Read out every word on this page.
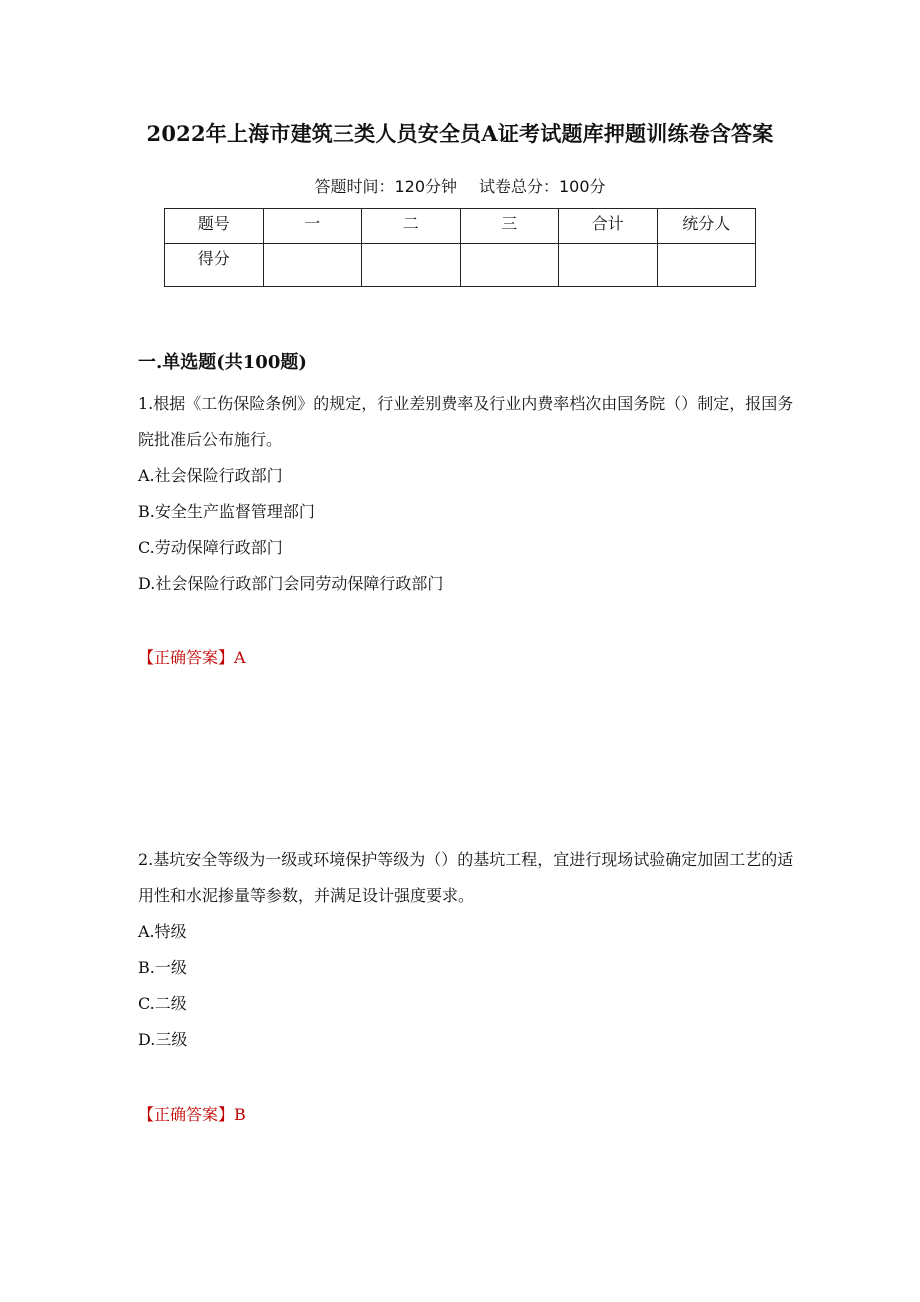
2022年上海市建筑三类人员安全员A证考试题库押题训练卷含答案
答题时间：120分钟 试卷总分：100分
题号	一	二	三	合计	统分人
得分					
一.单选题(共100题)

1.根据《工伤保险条例》的规定，行业差别费率及行业内费率档次由国务院（）制定，报国务院批准后公布施行。

A.社会保险行政部门

B.安全生产监督管理部门

C.劳动保障行政部门

D.社会保险行政部门会同劳动保障行政部门

【正确答案】A

2.基坑安全等级为一级或环境保护等级为（）的基坑工程，宜进行现场试验确定加固工艺的适用性和水泥掺量等参数，并满足设计强度要求。

A.特级

B.一级

C.二级

D.三级

【正确答案】B
